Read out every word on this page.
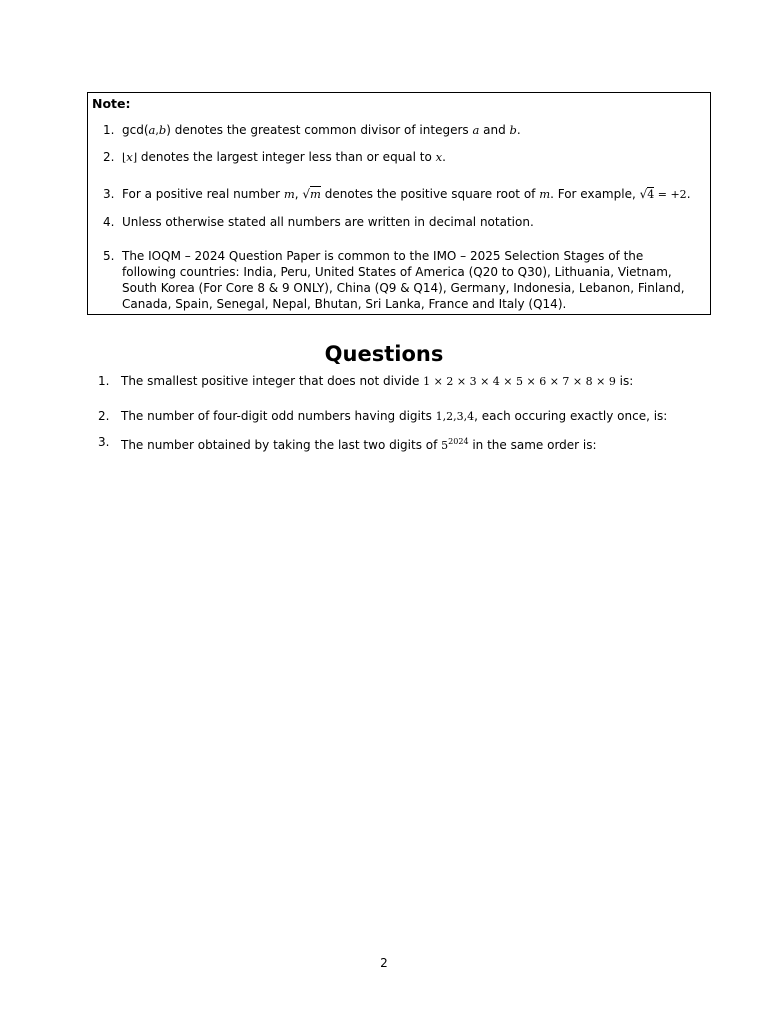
Note:
1. gcd(a,b) denotes the greatest common divisor of integers a and b.
2. ⌊x⌋ denotes the largest integer less than or equal to x.
3. For a positive real number m, √m denotes the positive square root of m. For example, √4 = +2.
4. Unless otherwise stated all numbers are written in decimal notation.
5. The IOQM – 2024 Question Paper is common to the IMO – 2025 Selection Stages of the following countries: India, Peru, United States of America (Q20 to Q30), Lithuania, Vietnam, South Korea (For Core 8 & 9 ONLY), China (Q9 & Q14), Germany, Indonesia, Lebanon, Finland, Canada, Spain, Senegal, Nepal, Bhutan, Sri Lanka, France and Italy (Q14).
Questions
1. The smallest positive integer that does not divide 1 × 2 × 3 × 4 × 5 × 6 × 7 × 8 × 9 is:
2. The number of four-digit odd numbers having digits 1,2,3,4, each occuring exactly once, is:
3. The number obtained by taking the last two digits of $5^{2024}$ in the same order is:
2
